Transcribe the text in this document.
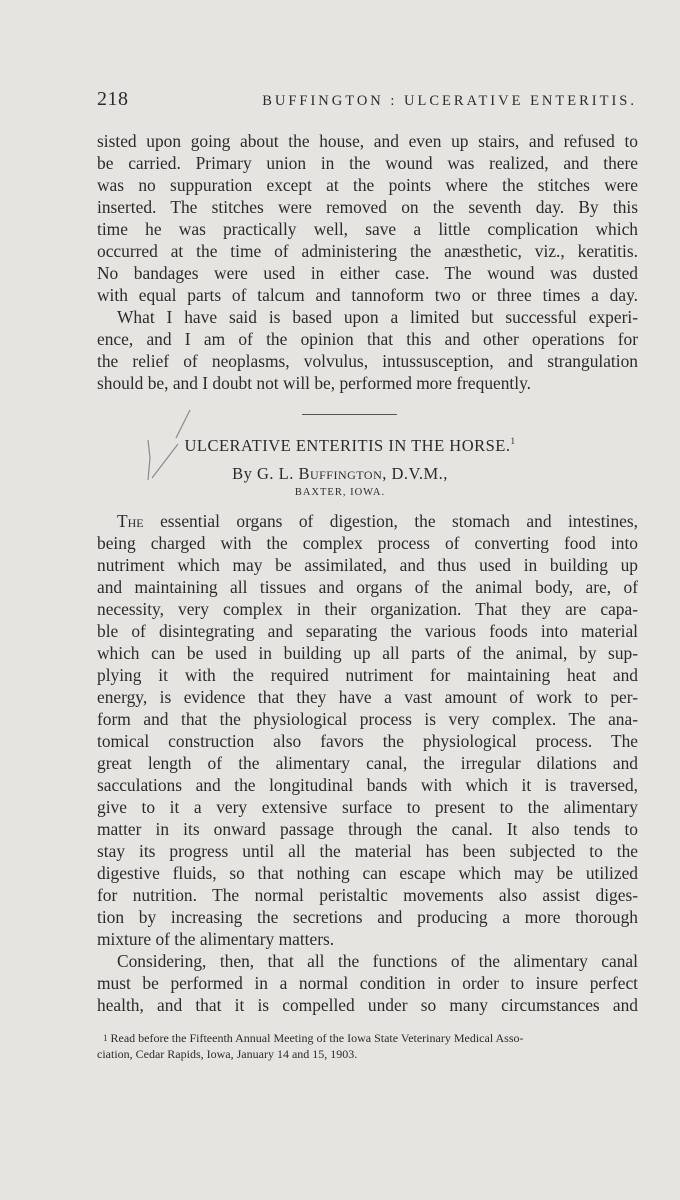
218	BUFFINGTON : ULCERATIVE ENTERITIS.
sisted upon going about the house, and even up stairs, and refused to
be carried. Primary union in the wound was realized, and there
was no suppuration except at the points where the stitches were
inserted. The stitches were removed on the seventh day. By this
time he was practically well, save a little complication which
occurred at the time of administering the anæsthetic, viz., keratitis.
No bandages were used in either case. The wound was dusted
with equal parts of talcum and tannoform two or three times a day.
What I have said is based upon a limited but successful experi-
ence, and I am of the opinion that this and other operations for
the relief of neoplasms, volvulus, intussusception, and strangulation
should be, and I doubt not will be, performed more frequently.
ULCERATIVE ENTERITIS IN THE HORSE.$^1$
By G. L. Buffington, D.V.M.,
BAXTER, IOWA.
The essential organs of digestion, the stomach and intestines,
being charged with the complex process of converting food into
nutriment which may be assimilated, and thus used in building up
and maintaining all tissues and organs of the animal body, are, of
necessity, very complex in their organization. That they are capa-
ble of disintegrating and separating the various foods into material
which can be used in building up all parts of the animal, by sup-
plying it with the required nutriment for maintaining heat and
energy, is evidence that they have a vast amount of work to per-
form and that the physiological process is very complex. The ana-
tomical construction also favors the physiological process. The
great length of the alimentary canal, the irregular dilations and
sacculations and the longitudinal bands with which it is traversed,
give to it a very extensive surface to present to the alimentary
matter in its onward passage through the canal. It also tends to
stay its progress until all the material has been subjected to the
digestive fluids, so that nothing can escape which may be utilized
for nutrition. The normal peristaltic movements also assist diges-
tion by increasing the secretions and producing a more thorough
mixture of the alimentary matters.
Considering, then, that all the functions of the alimentary canal
must be performed in a normal condition in order to insure perfect
health, and that it is compelled under so many circumstances and
$^1$ Read before the Fifteenth Annual Meeting of the Iowa State Veterinary Medical Asso-
ciation, Cedar Rapids, Iowa, January 14 and 15, 1903.
